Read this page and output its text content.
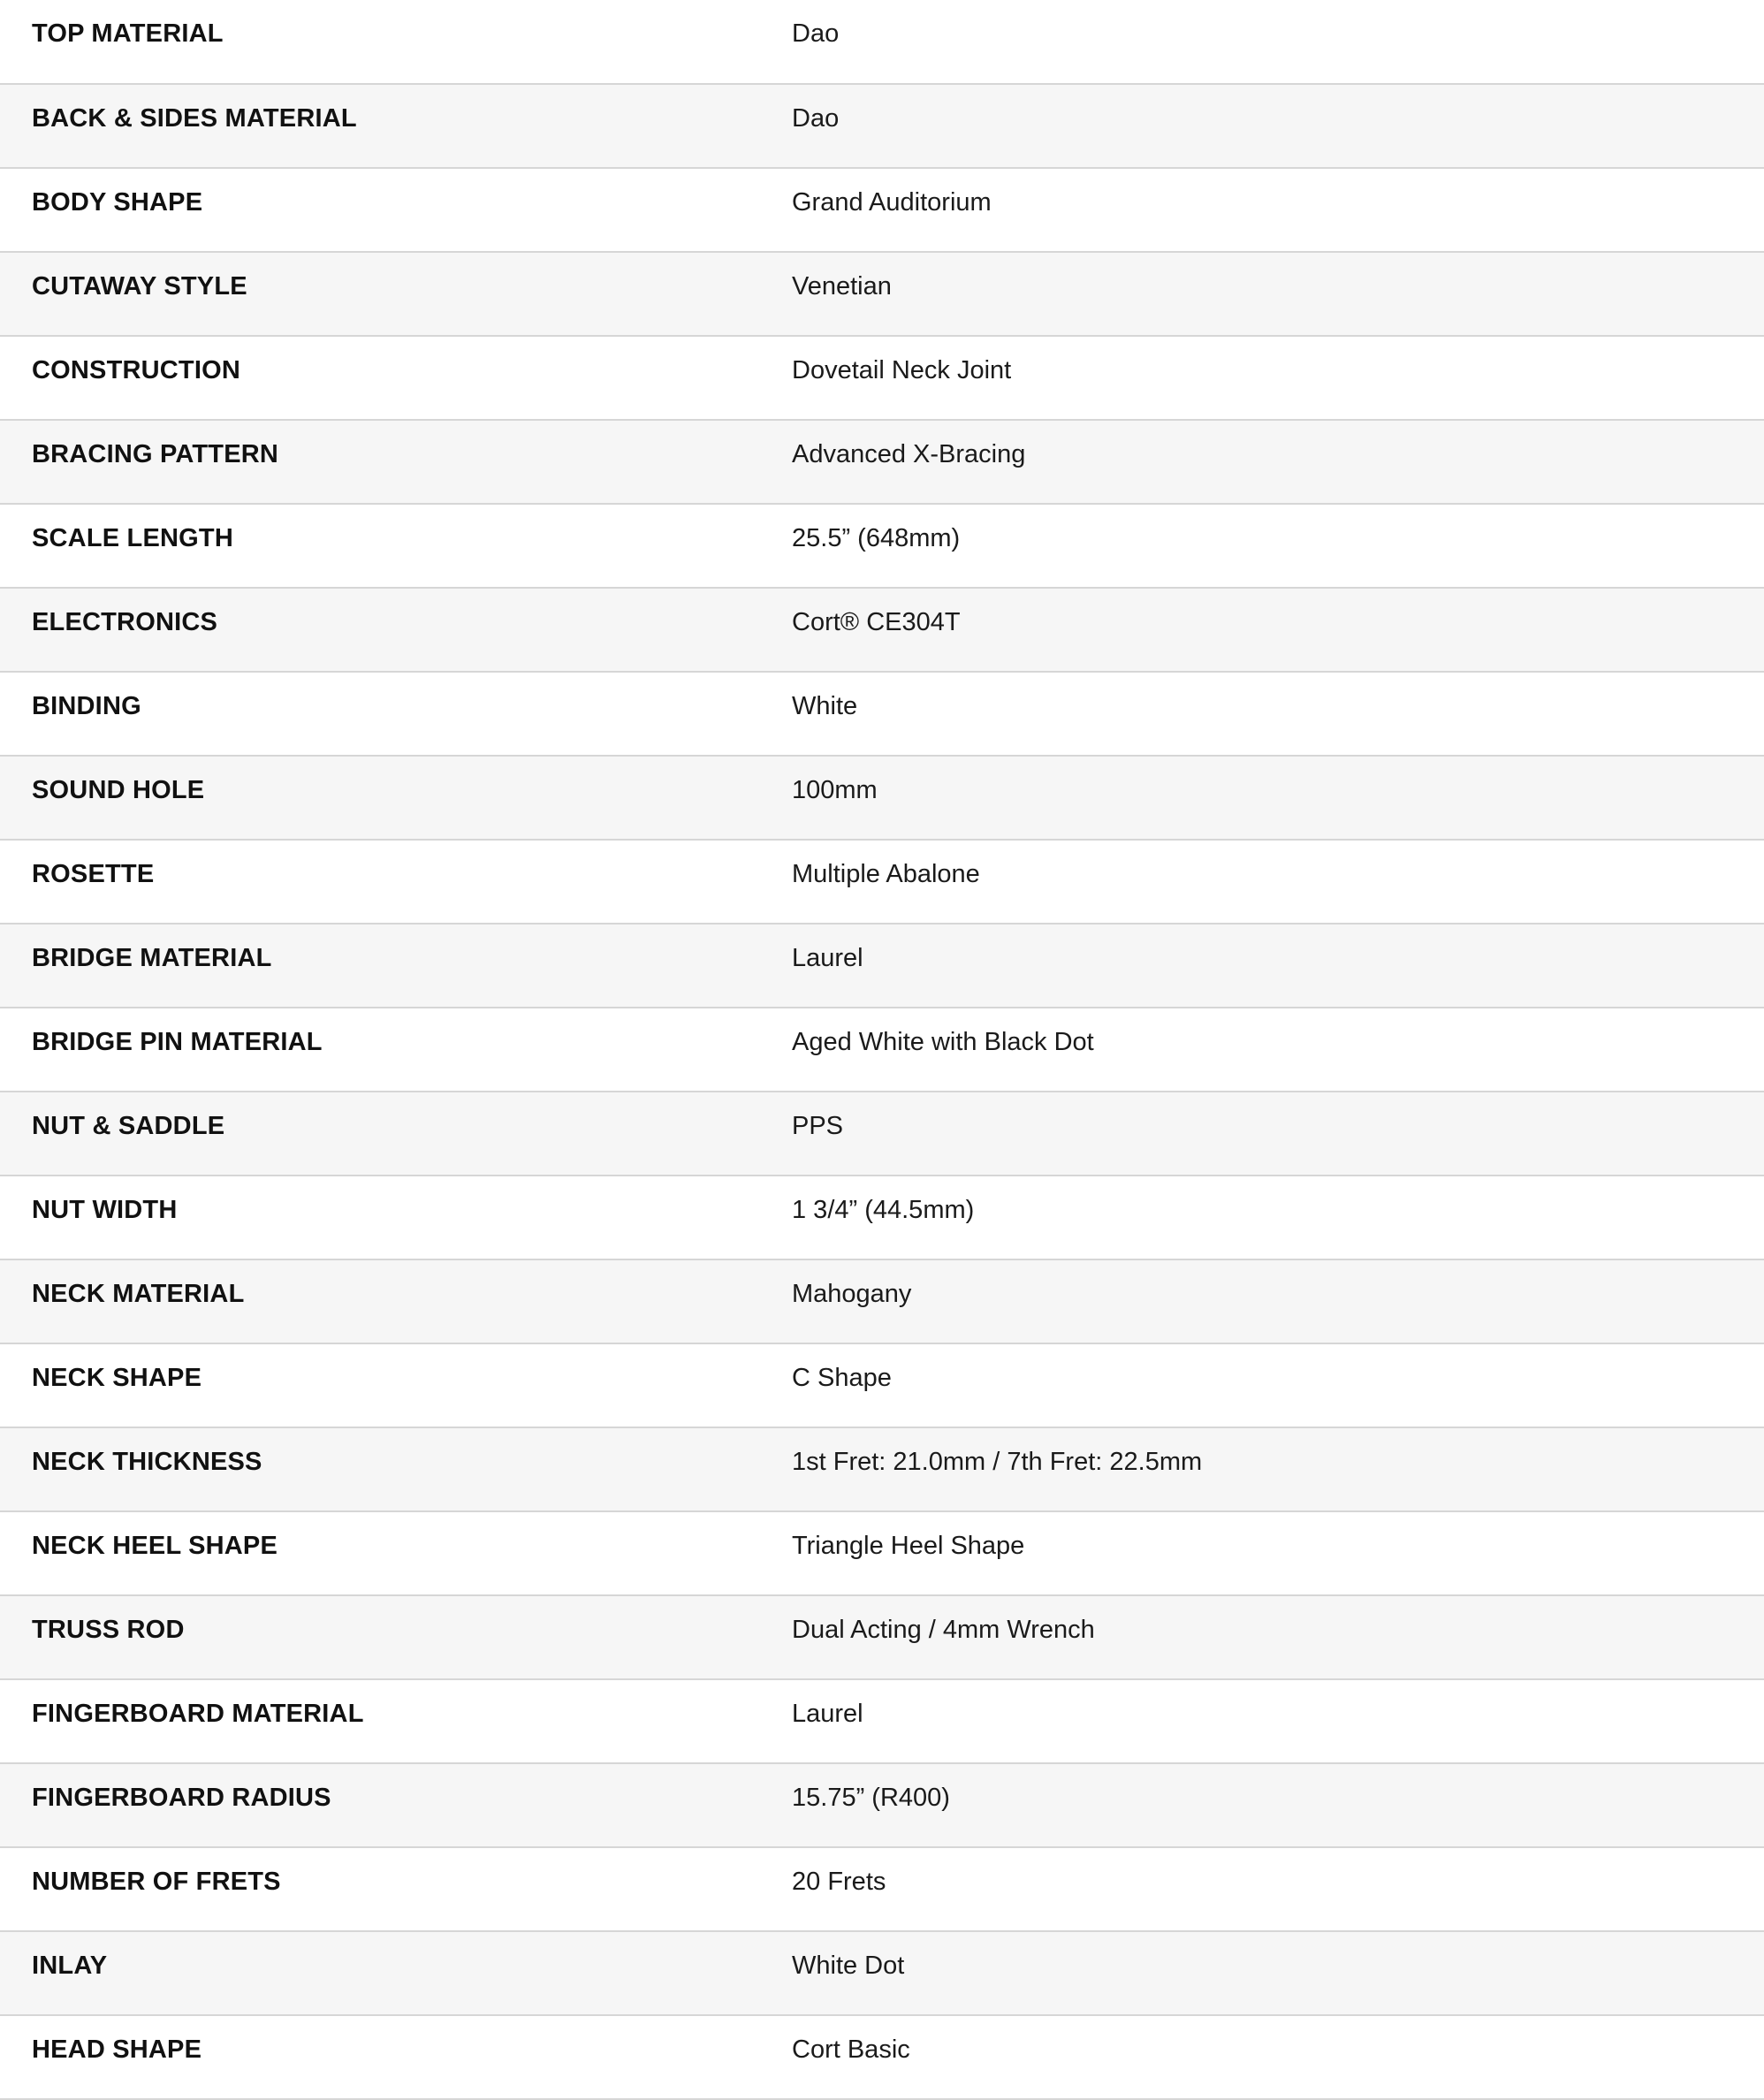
TOP MATERIAL	Dao
BACK & SIDES MATERIAL	Dao
BODY SHAPE	Grand Auditorium
CUTAWAY STYLE	Venetian
CONSTRUCTION	Dovetail Neck Joint
BRACING PATTERN	Advanced X-Bracing
SCALE LENGTH	25.5” (648mm)
ELECTRONICS	Cort® CE304T
BINDING	White
SOUND HOLE	100mm
ROSETTE	Multiple Abalone
BRIDGE MATERIAL	Laurel
BRIDGE PIN MATERIAL	Aged White with Black Dot
NUT & SADDLE	PPS
NUT WIDTH	1 3/4” (44.5mm)
NECK MATERIAL	Mahogany
NECK SHAPE	C Shape
NECK THICKNESS	1st Fret: 21.0mm / 7th Fret: 22.5mm
NECK HEEL SHAPE	Triangle Heel Shape
TRUSS ROD	Dual Acting / 4mm Wrench
FINGERBOARD MATERIAL	Laurel
FINGERBOARD RADIUS	15.75” (R400)
NUMBER OF FRETS	20 Frets
INLAY	White Dot
HEAD SHAPE	Cort Basic
